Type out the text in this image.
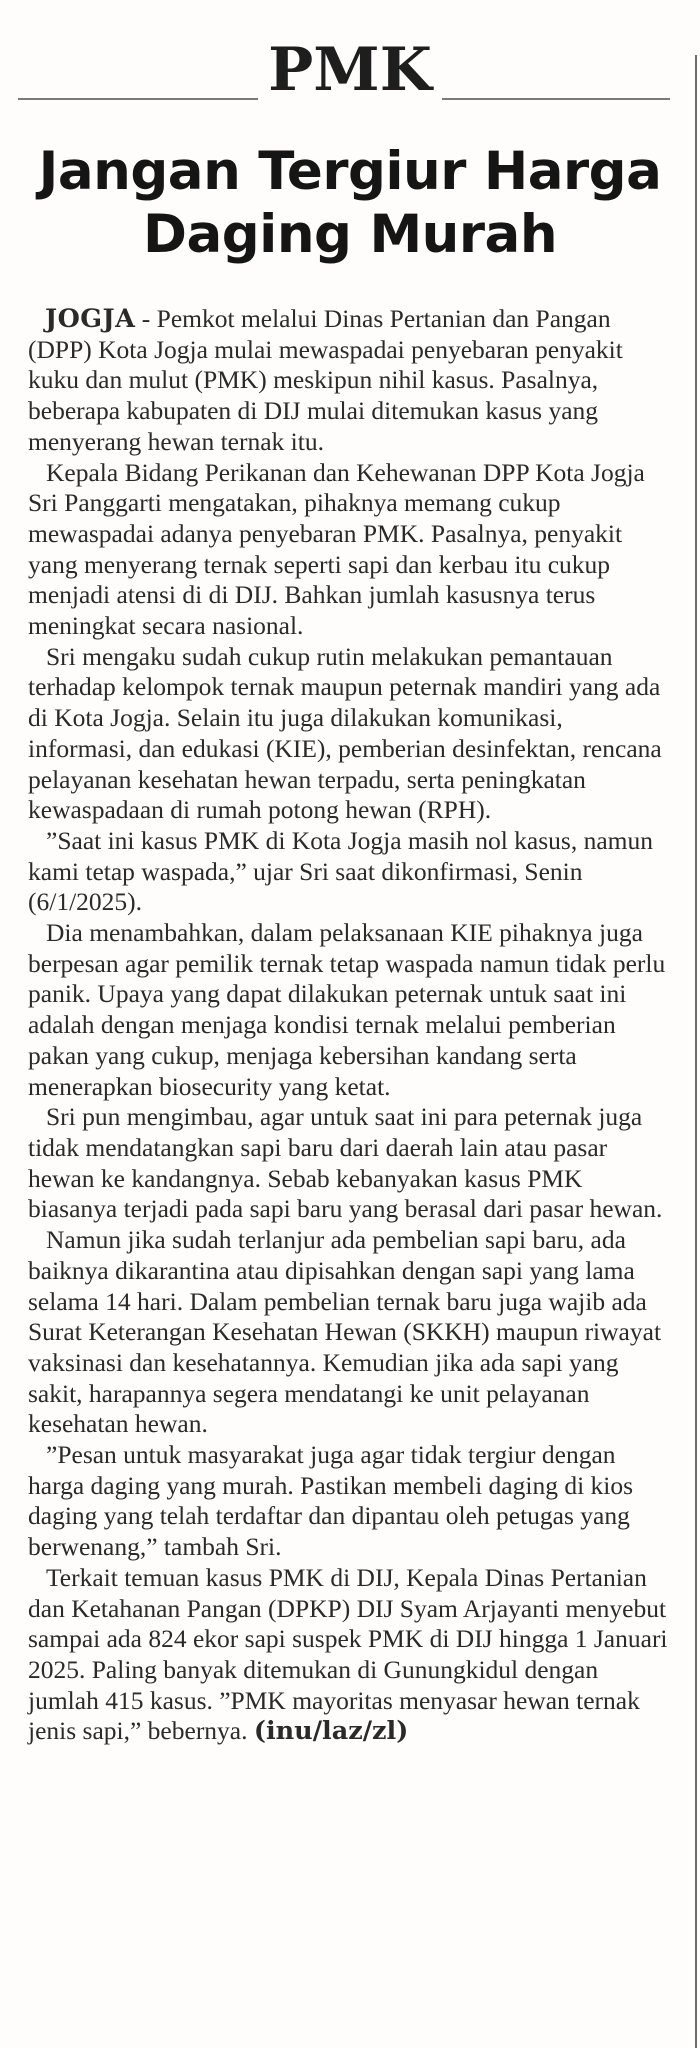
PMK
Jangan Tergiur Harga Daging Murah

JOGJA - Pemkot melalui Dinas Pertanian dan Pangan (DPP) Kota Jogja mulai mewaspadai penyebaran penyakit kuku dan mulut (PMK) meskipun nihil kasus. Pasalnya, beberapa kabupaten di DIJ mulai ditemukan kasus yang menyerang hewan ternak itu.

Kepala Bidang Perikanan dan Kehewanan DPP Kota Jogja Sri Panggarti mengatakan, pihaknya memang cukup mewaspadai adanya penyebaran PMK. Pasalnya, penyakit yang menyerang ternak seperti sapi dan kerbau itu cukup menjadi atensi di di DIJ. Bahkan jumlah kasusnya terus meningkat secara nasional.

Sri mengaku sudah cukup rutin melakukan pemantauan terhadap kelompok ternak maupun peternak mandiri yang ada di Kota Jogja. Selain itu juga dilakukan komunikasi, informasi, dan edukasi (KIE), pemberian desinfektan, rencana pelayanan kesehatan hewan terpadu, serta peningkatan kewaspadaan di rumah potong hewan (RPH).

”Saat ini kasus PMK di Kota Jogja masih nol kasus, namun kami tetap waspada,” ujar Sri saat dikonfirmasi, Senin (6/1/2025).

Dia menambahkan, dalam pelaksanaan KIE pihaknya juga berpesan agar pemilik ternak tetap waspada namun tidak perlu panik. Upaya yang dapat dilakukan peternak untuk saat ini adalah dengan menjaga kondisi ternak melalui pemberian pakan yang cukup, menjaga kebersihan kandang serta menerapkan biosecurity yang ketat.

Sri pun mengimbau, agar untuk saat ini para peternak juga tidak mendatangkan sapi baru dari daerah lain atau pasar hewan ke kandangnya. Sebab kebanyakan kasus PMK biasanya terjadi pada sapi baru yang berasal dari pasar hewan.

Namun jika sudah terlanjur ada pembelian sapi baru, ada baiknya dikarantina atau dipisahkan dengan sapi yang lama selama 14 hari. Dalam pembelian ternak baru juga wajib ada Surat Keterangan Kesehatan Hewan (SKKH) maupun riwayat vaksinasi dan kesehatannya. Kemudian jika ada sapi yang sakit, harapannya segera mendatangi ke unit pelayanan kesehatan hewan.

”Pesan untuk masyarakat juga agar tidak tergiur dengan harga daging yang murah. Pastikan membeli daging di kios daging yang telah terdaftar dan dipantau oleh petugas yang berwenang,” tambah Sri.

Terkait temuan kasus PMK di DIJ, Kepala Dinas Pertanian dan Ketahanan Pangan (DPKP) DIJ Syam Arjayanti menyebut sampai ada 824 ekor sapi suspek PMK di DIJ hingga 1 Januari 2025. Paling banyak ditemukan di Gunungkidul dengan jumlah 415 kasus. ”PMK mayoritas menyasar hewan ternak jenis sapi,” bebernya. (inu/laz/zl)
